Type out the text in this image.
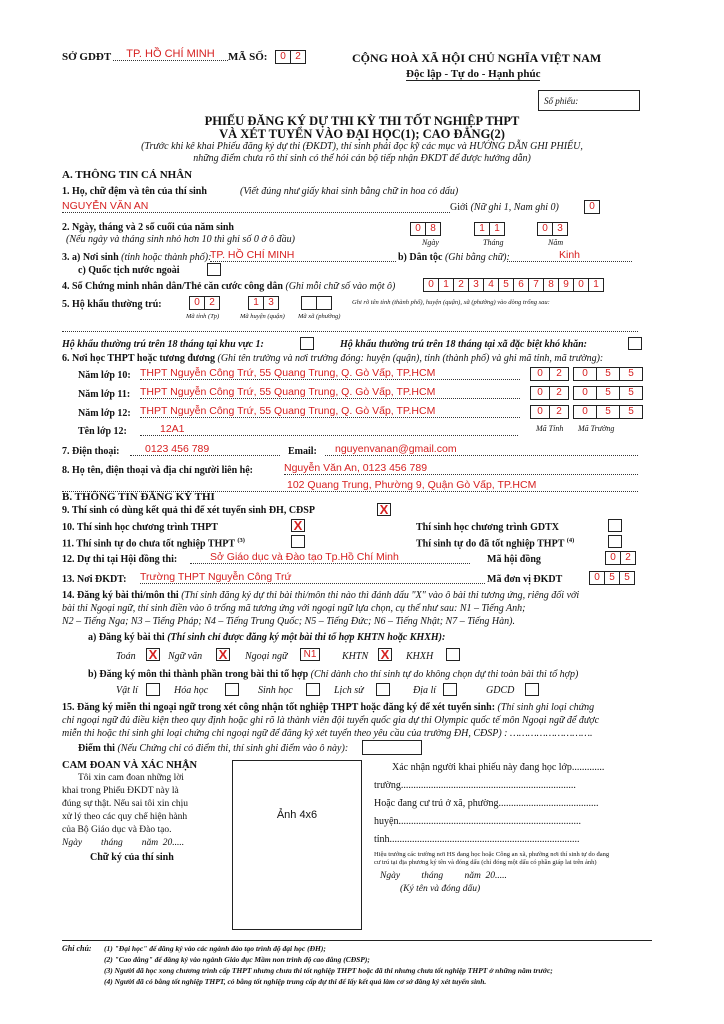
SỞ GDĐT	TP. HỒ CHÍ MINH	MÃ SỐ:	0 2	CỘNG HOÀ XÃ HỘI CHỦ NGHĨA VIỆT NAM
Độc lập - Tự do - Hạnh phúc
Số phiếu:
PHIẾU ĐĂNG KÝ DỰ THI KỲ THI TỐT NGHIỆP THPT
VÀ XÉT TUYỂN VÀO ĐẠI HỌC(1); CAO ĐẲNG(2)
(Trước khi kê khai Phiếu đăng ký dự thi (ĐKDT), thí sinh phải đọc kỹ các mục và HƯỚNG DẪN GHI PHIẾU,
những điểm chưa rõ thí sinh có thể hỏi cán bộ tiếp nhận ĐKDT để được hướng dẫn)
A. THÔNG TIN CÁ NHÂN
1. Họ, chữ đệm và tên của thí sinh	(Viết đúng như giấy khai sinh bằng chữ in hoa có dấu)
NGUYỄN VĂN AN	Giới (Nữ ghi 1, Nam ghi 0)	0
2. Ngày, tháng và 2 số cuối của năm sinh
(Nếu ngày và tháng sinh nhỏ hơn 10 thì ghi số 0 ở ô đầu)
0 8	1 1	0 3
Ngày	Tháng	Năm
3. a) Nơi sinh (tỉnh hoặc thành phố):
TP. HỒ CHÍ MINH	b) Dân tộc (Ghi bằng chữ):	Kinh
c) Quốc tịch nước ngoài
4. Số Chứng minh nhân dân/Thẻ căn cước công dân (Ghi mỗi chữ số vào một ô)	0 1 2 3 4 5 6 7 8 9 0 1
5. Hộ khẩu thường trú:	0 2	1 3
Mã tỉnh (Tp)	Mã huyện (quận) Mã xã (phường)
Ghi rõ tên tỉnh (thành phố), huyện (quận), xã (phường) vào dòng trống sau:
Hộ khẩu thường trú trên 18 tháng tại khu vực 1:	Hộ khẩu thường trú trên 18 tháng tại xã đặc biệt khó khăn:
6. Nơi học THPT hoặc tương đương (Ghi tên trường và nơi trường đóng: huyện (quận), tỉnh (thành phố) và ghi mã tỉnh, mã trường):
Năm lớp 10: THPT Nguyễn Công Trứ, 55 Quang Trung, Q. Gò Vấp, TP.HCM	0	2	0	5	5
Năm lớp 11: THPT Nguyễn Công Trứ, 55 Quang Trung, Q. Gò Vấp, TP.HCM	0	2	0	5	5
Năm lớp 12: THPT Nguyễn Công Trứ, 55 Quang Trung, Q. Gò Vấp, TP.HCM	0	2	0	5	5
Tên lớp 12:	12A1	Mã Tỉnh Mã Trường
7. Điện thoại:	0123 456 789	Email:	nguyenvanan@gmail.com
8. Họ tên, điện thoại và địa chỉ người liên hệ:	Nguyễn Văn An, 0123 456 789
102 Quang Trung, Phường 9, Quận Gò Vấp, TP.HCM
B. THÔNG TIN ĐĂNG KÝ THI
9. Thí sinh có dùng kết quả thi để xét tuyển sinh ĐH, CĐSP	X
10. Thí sinh học chương trình THPT	X	Thí sinh học chương trình GDTX
11. Thí sinh tự do chưa tốt nghiệp THPT $^{(3)}$	Thí sinh tự do đã tốt nghiệp THPT $^{(4)}$
12. Dự thi tại Hội đồng thi:	Sở Giáo dục và Đào tạo Tp.Hồ Chí Minh	Mã hội đồng	0 2
13. Nơi ĐKDT: Trường THPT Nguyễn Công Trứ	Mã đơn vị ĐKDT	0 5 5
14. Đăng ký bài thi/môn thi (Thí sinh đăng ký dự thi bài thi/môn thi nào thì đánh dấu "X" vào ô bài thi tương ứng, riêng đối với
bài thi Ngoại ngữ, thí sinh điền vào ô trống mã tương ứng với ngoại ngữ lựa chọn, cụ thể như sau: N1 – Tiếng Anh;
N2 – Tiếng Nga; N3 – Tiếng Pháp; N4 – Tiếng Trung Quốc; N5 – Tiếng Đức; N6 – Tiếng Nhật; N7 – Tiếng Hàn).
a) Đăng ký bài thi (Thí sinh chỉ được đăng ký một bài thi tổ hợp KHTN hoặc KHXH):
Toán X Ngữ văn X Ngoại ngữ	N1	KHTN X KHXH
b) Đăng ký môn thi thành phần trong bài thi tổ hợp (Chỉ dành cho thí sinh tự do không chọn dự thi toàn bài thi tổ hợp)
Vật lí	Hóa học	Sinh học	Lịch sử	Địa lí	GDCD
15. Đăng ký miễn thi ngoại ngữ trong xét công nhận tốt nghiệp THPT hoặc đăng ký để xét tuyển sinh: (Thí sinh ghi loại chứng
chỉ ngoại ngữ đủ điều kiện theo quy định hoặc ghi rõ là thành viên đội tuyển quốc gia dự thi Olympic quốc tế môn Ngoại ngữ để được
miễn thi hoặc thí sinh ghi loại chứng chỉ ngoại ngữ để đăng ký xét tuyển theo yêu cầu của trường ĐH, CĐSP) : ……………………….
Điểm thi (Nếu Chứng chỉ có điểm thi, thí sinh ghi điểm vào ô này):
CAM ĐOAN VÀ XÁC NHẬN
Tôi xin cam đoan những lời
khai trong Phiếu ĐKDT này là
đúng sự thật. Nếu sai tôi xin chịu
xử lý theo các quy chế hiện hành
của Bộ Giáo dục và Đào tạo.
Ngày        tháng        năm  20.....
Chữ ký của thí sinh
Ảnh 4x6
Xác nhận người khai phiếu này đang học lớp.............
trường......................................................................
Hoặc đang cư trú ở xã, phường........................................
huyện.........................................................................
tỉnh............................................................................
Hiệu trưởng các trường nơi HS đang học hoặc Công an xã, phường nơi thí sinh tự do đang
cư trú tại địa phương ký tên và đóng dấu (chỉ đóng một dấu có phần giáp lai trên ảnh)
Ngày         tháng         năm  20.....
(Ký tên và đóng dấu)
Ghi chú: (1) "Đại học" để đăng ký vào các ngành đào tạo trình độ đại học (ĐH);
(2) "Cao đẳng" để đăng ký vào ngành Giáo dục Mầm non trình độ cao đẳng (CĐSP);
(3) Người đã học xong chương trình cấp THPT nhưng chưa thi tốt nghiệp THPT hoặc đã thi nhưng chưa tốt nghiệp THPT ở những năm trước;
(4) Người đã có bằng tốt nghiệp THPT, có bằng tốt nghiệp trung cấp dự thi để lấy kết quả làm cơ sở đăng ký xét tuyển sinh.
